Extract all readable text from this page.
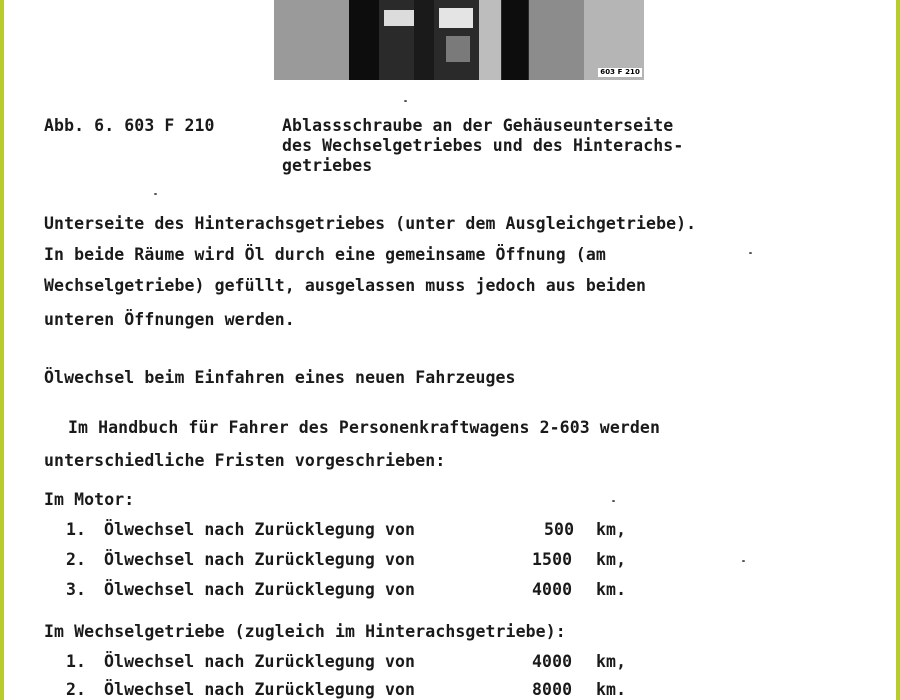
603 F 210
Abb. 6. 603 F 210	Ablassschraube an der Gehäuseunterseite
des Wechselgetriebes und des Hinterachs-
getriebes
Unterseite des Hinterachsgetriebes (unter dem Ausgleichgetriebe).
In beide Räume wird Öl durch eine gemeinsame Öffnung (am
Wechselgetriebe) gefüllt, ausgelassen muss jedoch aus beiden
unteren Öffnungen werden.
Ölwechsel beim Einfahren eines neuen Fahrzeuges
Im Handbuch für Fahrer des Personenkraftwagens 2-603 werden
unterschiedliche Fristen vorgeschrieben:
Im Motor:
1. Ölwechsel nach Zurücklegung von	500 km,
2. Ölwechsel nach Zurücklegung von	1500 km,
3. Ölwechsel nach Zurücklegung von	4000 km.
Im Wechselgetriebe (zugleich im Hinterachsgetriebe):
1. Ölwechsel nach Zurücklegung von	4000 km,
2. Ölwechsel nach Zurücklegung von	8000 km.
